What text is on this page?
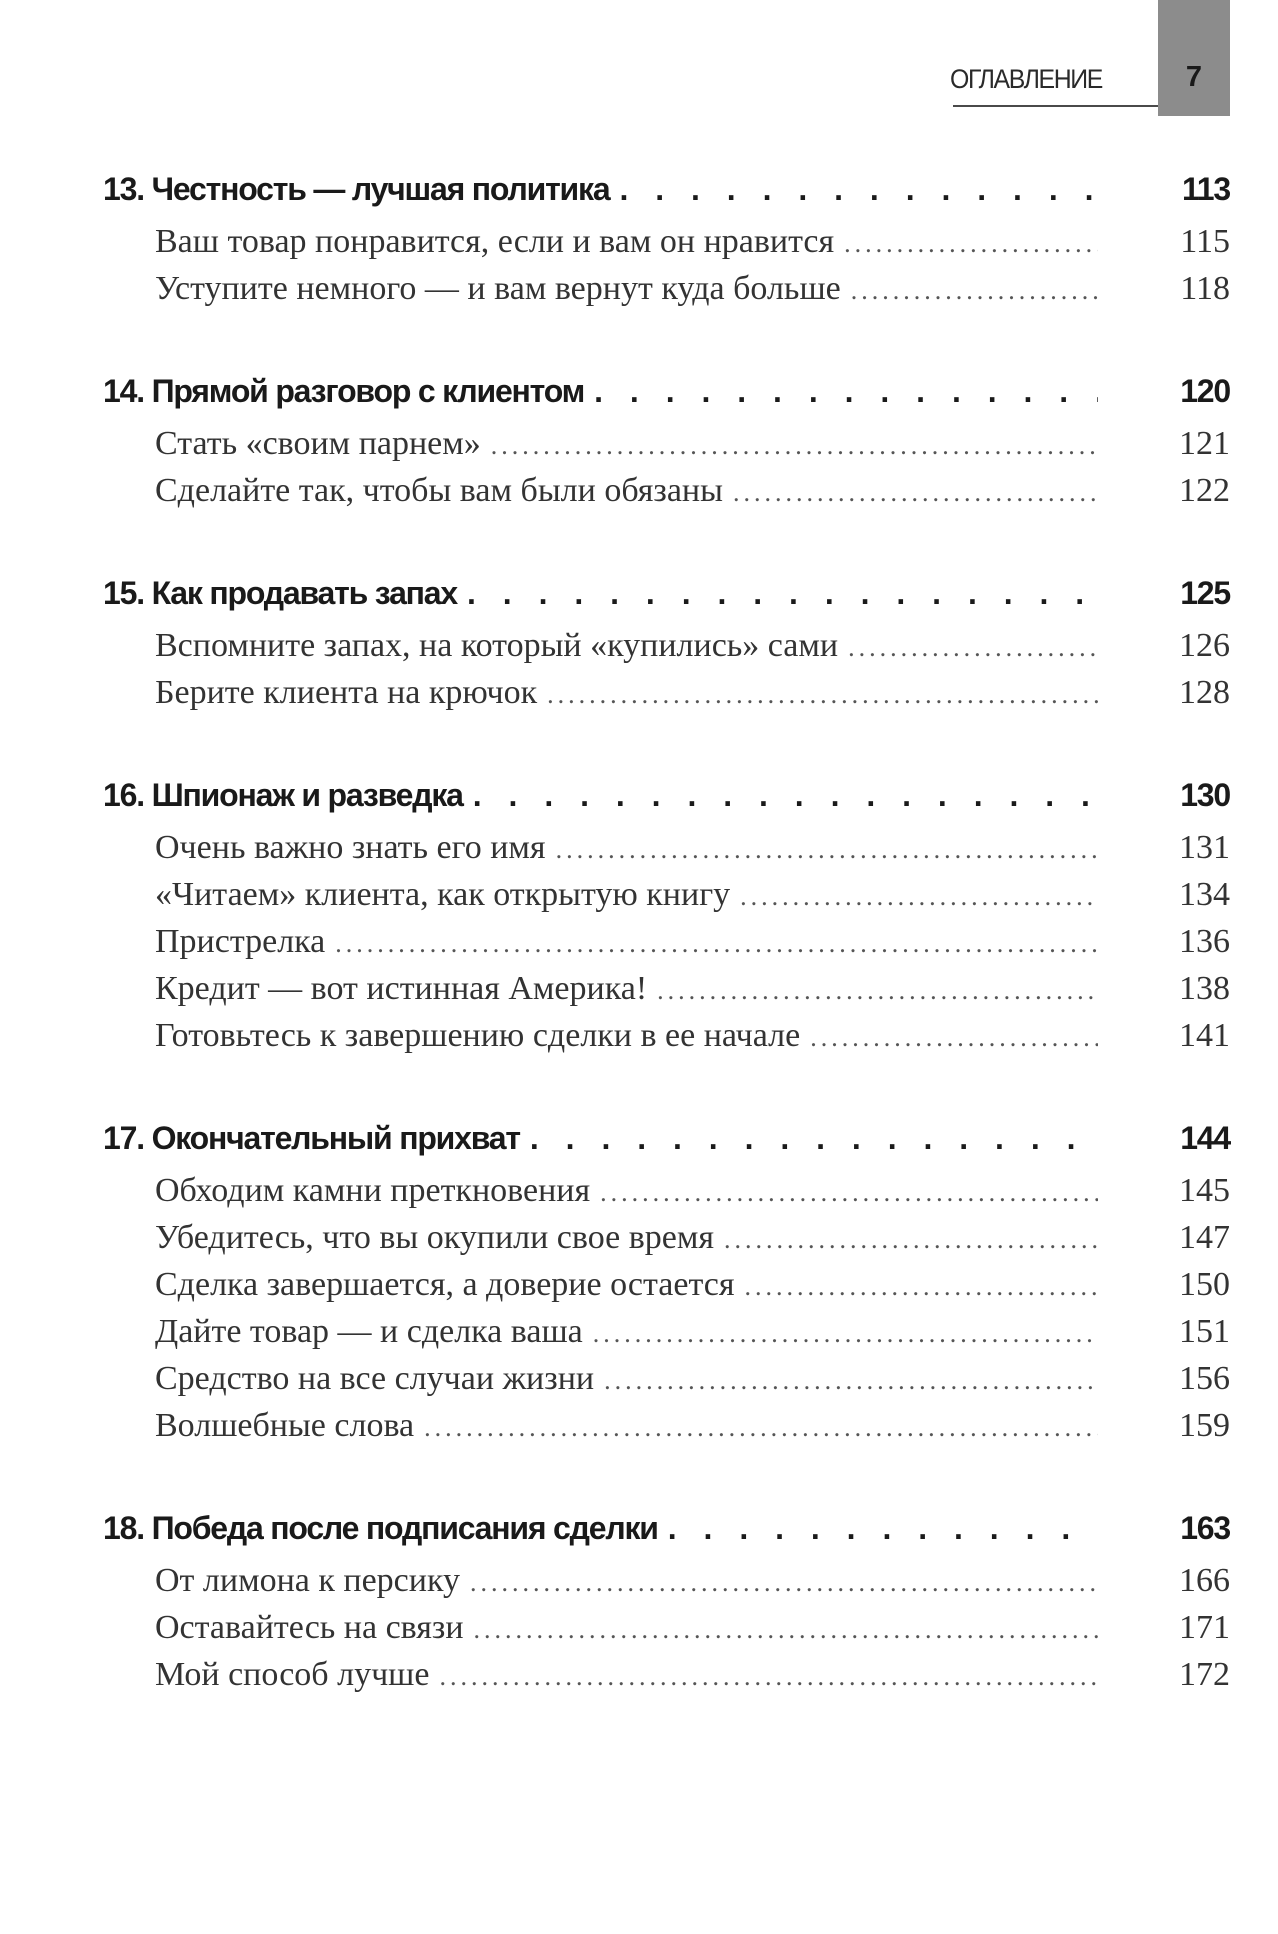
ОГЛАВЛЕНИЕ	7
13. Честность — лучшая политика . . .	113
Ваш товар понравится, если и вам он нравится .....	115
Уступите немного — и вам вернут куда больше .....	118
14. Прямой разговор с клиентом . . .	120
Стать «своим парнем» .....	121
Сделайте так, чтобы вам были обязаны .....	122
15. Как продавать запах . . .	125
Вспомните запах, на который «купились» сами .....	126
Берите клиента на крючок .....	128
16. Шпионаж и разведка . . .	130
Очень важно знать его имя .....	131
«Читаем» клиента, как открытую книгу .....	134
Пристрелка .....	136
Кредит — вот истинная Америка! .....	138
Готовьтесь к завершению сделки в ее начале .....	141
17. Окончательный прихват . . .	144
Обходим камни преткновения .....	145
Убедитесь, что вы окупили свое время .....	147
Сделка завершается, а доверие остается .....	150
Дайте товар — и сделка ваша .....	151
Средство на все случаи жизни .....	156
Волшебные слова .....	159
18. Победа после подписания сделки . . .	163
От лимона к персику .....	166
Оставайтесь на связи .....	171
Мой способ лучше .....	172
